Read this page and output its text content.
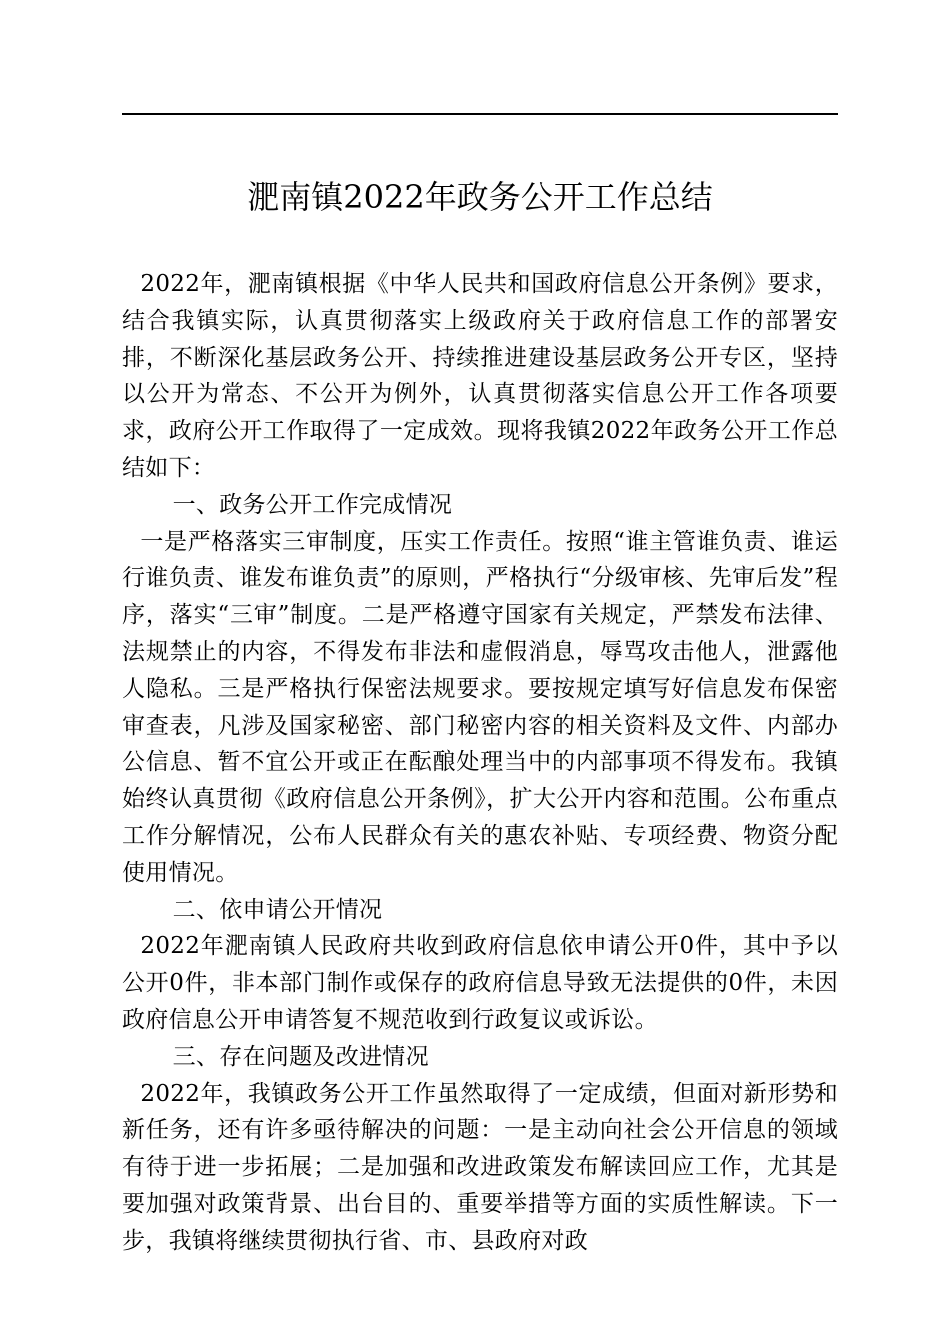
淝南镇2022年政务公开工作总结

2022年，淝南镇根据《中华人民共和国政府信息公开条例》要求，结合我镇实际，认真贯彻落实上级政府关于政府信息工作的部署安排，不断深化基层政务公开、持续推进建设基层政务公开专区，坚持以公开为常态、不公开为例外，认真贯彻落实信息公开工作各项要求，政府公开工作取得了一定成效。现将我镇2022年政务公开工作总结如下：

一、政务公开工作完成情况

一是严格落实三审制度，压实工作责任。按照“谁主管谁负责、谁运行谁负责、谁发布谁负责”的原则，严格执行“分级审核、先审后发”程序，落实“三审”制度。二是严格遵守国家有关规定，严禁发布法律、法规禁止的内容，不得发布非法和虚假消息，辱骂攻击他人，泄露他人隐私。三是严格执行保密法规要求。要按规定填写好信息发布保密审查表，凡涉及国家秘密、部门秘密内容的相关资料及文件、内部办公信息、暂不宜公开或正在酝酿处理当中的内部事项不得发布。我镇始终认真贯彻《政府信息公开条例》，扩大公开内容和范围。公布重点工作分解情况，公布人民群众有关的惠农补贴、专项经费、物资分配使用情况。

二、依申请公开情况

2022年淝南镇人民政府共收到政府信息依申请公开0件，其中予以公开0件，非本部门制作或保存的政府信息导致无法提供的0件，未因政府信息公开申请答复不规范收到行政复议或诉讼。

三、存在问题及改进情况

2022年，我镇政务公开工作虽然取得了一定成绩，但面对新形势和新任务，还有许多亟待解决的问题：一是主动向社会公开信息的领域有待于进一步拓展；二是加强和改进政策发布解读回应工作，尤其是要加强对政策背景、出台目的、重要举措等方面的实质性解读。下一步，我镇将继续贯彻执行省、市、县政府对政
